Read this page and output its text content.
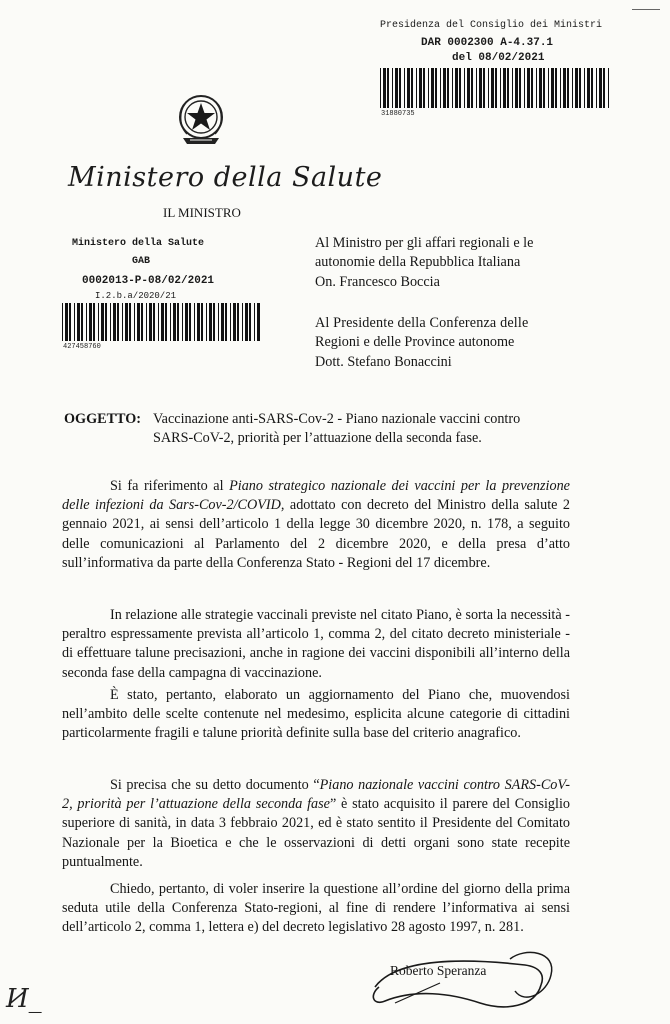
Presidenza del Consiglio dei Ministri
DAR 0002300 A-4.37.1
del 08/02/2021
31880735
Ministero della Salute
IL MINISTRO
Ministero della Salute
GAB
0002013-P-08/02/2021
I.2.b.a/2020/21
427458760
Al Ministro per gli affari regionali e le
autonomie della Repubblica Italiana
On. Francesco Boccia
Al Presidente della Conferenza delle
Regioni e delle Province autonome
Dott. Stefano Bonaccini
OGGETTO: Vaccinazione anti-SARS-Cov-2 - Piano nazionale vaccini contro
SARS-CoV-2, priorità per l’attuazione della seconda fase.

Si fa riferimento al Piano strategico nazionale dei vaccini per la prevenzione delle infezioni da Sars-Cov-2/COVID, adottato con decreto del Ministro della salute 2 gennaio 2021, ai sensi dell’articolo 1 della legge 30 dicembre 2020, n. 178, a seguito delle comunicazioni al Parlamento del 2 dicembre 2020, e della presa d’atto sull’informativa da parte della Conferenza Stato - Regioni del 17 dicembre.

In relazione alle strategie vaccinali previste nel citato Piano, è sorta la necessità - peraltro espressamente prevista all’articolo 1, comma 2, del citato decreto ministeriale - di effettuare talune precisazioni, anche in ragione dei vaccini disponibili all’interno della seconda fase della campagna di vaccinazione.

È stato, pertanto, elaborato un aggiornamento del Piano che, muovendosi nell’ambito delle scelte contenute nel medesimo, esplicita alcune categorie di cittadini particolarmente fragili e talune priorità definite sulla base del criterio anagrafico.

Si precisa che su detto documento “Piano nazionale vaccini contro SARS-CoV-2, priorità per l’attuazione della seconda fase” è stato acquisito il parere del Consiglio superiore di sanità, in data 3 febbraio 2021, ed è stato sentito il Presidente del Comitato Nazionale per la Bioetica e che le osservazioni di detti organi sono state recepite puntualmente.

Chiedo, pertanto, di voler inserire la questione all’ordine del giorno della prima seduta utile della Conferenza Stato-regioni, al fine di rendere l’informativa ai sensi dell’articolo 2, comma 1, lettera e) del decreto legislativo 28 agosto 1997, n. 281.

Roberto Speranza
И_
